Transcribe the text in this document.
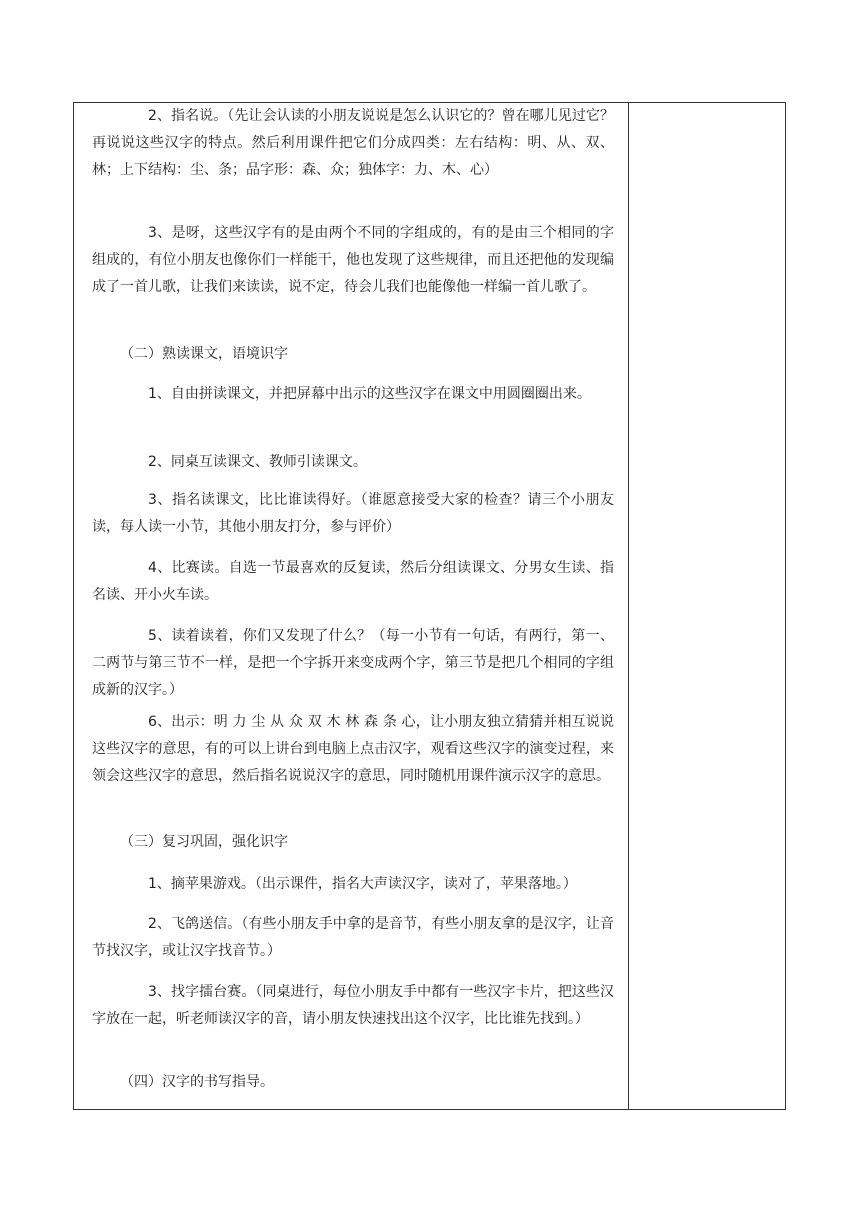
2、指名说。（先让会认读的小朋友说说是怎么认识它的？曾在哪儿见过它？再说说这些汉字的特点。然后利用课件把它们分成四类：左右结构：明、从、双、林；上下结构：尘、条；品字形：森、众；独体字：力、木、心）

3、是呀，这些汉字有的是由两个不同的字组成的，有的是由三个相同的字组成的，有位小朋友也像你们一样能干，他也发现了这些规律，而且还把他的发现编成了一首儿歌，让我们来读读，说不定，待会儿我们也能像他一样编一首儿歌了。

（二）熟读课文，语境识字

1、自由拼读课文，并把屏幕中出示的这些汉字在课文中用圆圈圈出来。

2、同桌互读课文、教师引读课文。

3、指名读课文，比比谁读得好。（谁愿意接受大家的检查？请三个小朋友读，每人读一小节，其他小朋友打分，参与评价）

4、比赛读。自选一节最喜欢的反复读，然后分组读课文、分男女生读、指名读、开小火车读。

5、读着读着，你们又发现了什么？（每一小节有一句话，有两行，第一、二两节与第三节不一样，是把一个字拆开来变成两个字，第三节是把几个相同的字组成新的汉字。）

6、出示：明 力 尘 从 众 双 木 林 森 条 心，让小朋友独立猜猜并相互说说这些汉字的意思，有的可以上讲台到电脑上点击汉字，观看这些汉字的演变过程，来领会这些汉字的意思，然后指名说说汉字的意思，同时随机用课件演示汉字的意思。

（三）复习巩固，强化识字

1、摘苹果游戏。（出示课件，指名大声读汉字，读对了，苹果落地。）

2、飞鸽送信。（有些小朋友手中拿的是音节，有些小朋友拿的是汉字，让音节找汉字，或让汉字找音节。）

3、找字擂台赛。（同桌进行，每位小朋友手中都有一些汉字卡片，把这些汉字放在一起，听老师读汉字的音，请小朋友快速找出这个汉字，比比谁先找到。）

（四）汉字的书写指导。
